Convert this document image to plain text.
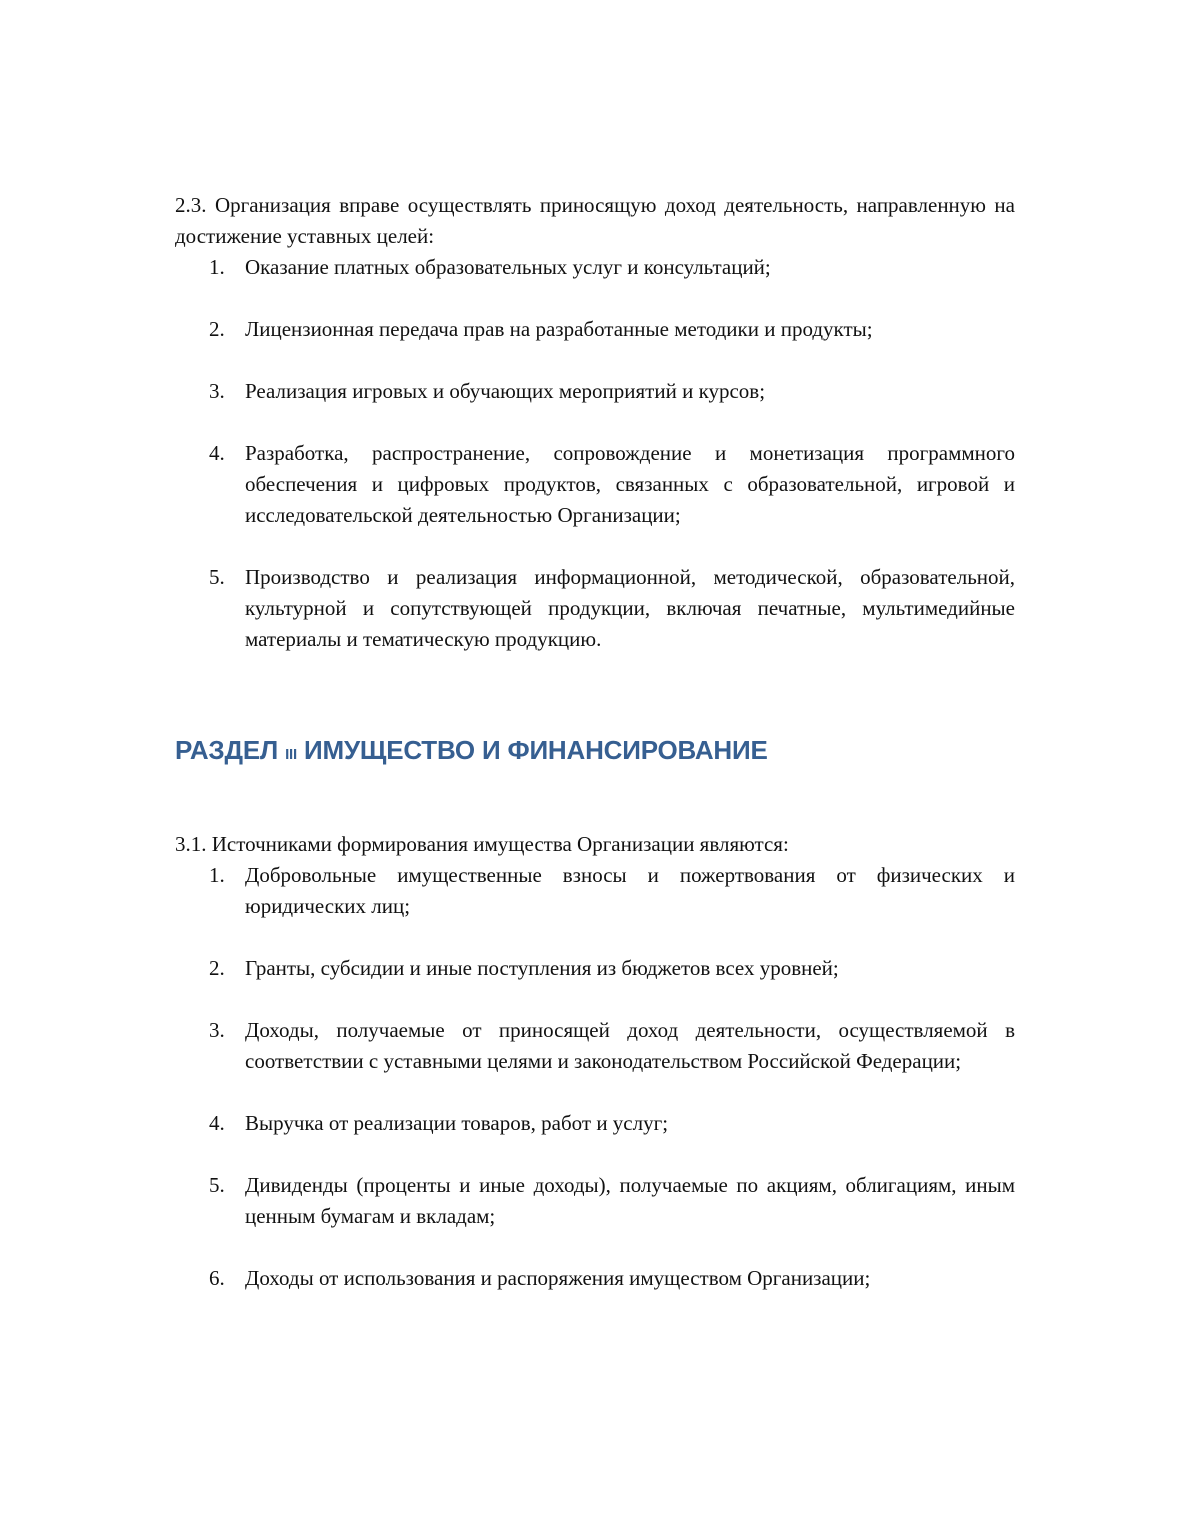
2.3. Организация вправе осуществлять приносящую доход деятельность, направленную на достижение уставных целей:

1. Оказание платных образовательных услуг и консультаций;
2. Лицензионная передача прав на разработанные методики и продукты;
3. Реализация игровых и обучающих мероприятий и курсов;
4. Разработка, распространение, сопровождение и монетизация программного обеспечения и цифровых продуктов, связанных с образовательной, игровой и исследовательской деятельностью Организации;
5. Производство и реализация информационной, методической, образовательной, культурной и сопутствующей продукции, включая печатные, мультимедийные материалы и тематическую продукцию.
РАЗДЕЛ III ИМУЩЕСТВО И ФИНАНСИРОВАНИЕ

3.1. Источниками формирования имущества Организации являются:

1. Добровольные имущественные взносы и пожертвования от физических и юридических лиц;
2. Гранты, субсидии и иные поступления из бюджетов всех уровней;
3. Доходы, получаемые от приносящей доход деятельности, осуществляемой в соответствии с уставными целями и законодательством Российской Федерации;
4. Выручка от реализации товаров, работ и услуг;
5. Дивиденды (проценты и иные доходы), получаемые по акциям, облигациям, иным ценным бумагам и вкладам;
6. Доходы от использования и распоряжения имуществом Организации;
